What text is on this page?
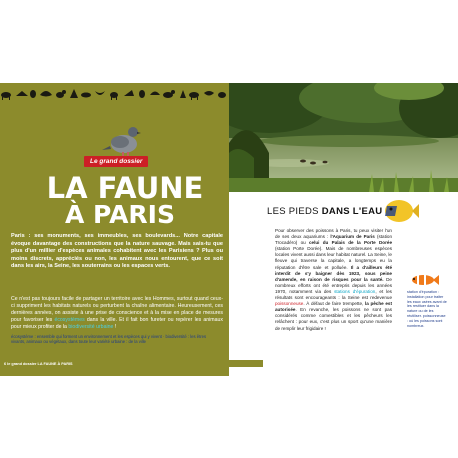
Le grand dossier
LA FAUNE
À PARIS
Paris : ses monuments, ses immeubles, ses boulevards... Notre capitale évoque davantage des constructions que la nature sauvage. Mais sais-tu que plus d'un millier d'espèces animales cohabitent avec les Parisiens ? Plus ou moins discrets, appréciés ou non, les animaux nous entourent, que ce soit dans les airs, la Seine, les souterrains ou les espaces verts.
Ce n'est pas toujours facile de partager un territoire avec les Hommes, surtout quand ceux-ci suppriment les habitats naturels ou perturbent la chaîne alimentaire. Heureusement, ces dernières années, on assiste à une prise de conscience et à la mise en place de mesures pour favoriser les écosystèmes dans la ville. Et il fait bon fureter ou repérer les animaux pour mieux profiter de la biodiversité urbaine !
écosystème : ensemble qui forment un environnement et les espèces qui y vivent · biodiversité : les êtres vivants, animaux ou végétaux, dans toute leur variété urbaine : de la ville
6 le grand dossier LA FAUNE À PARIS
LES PIEDS DANS L'EAU
Pour observer des poissons à Paris, tu peux visiter l'un de ses deux aquariums : l'Aquarium de Paris (station Trocadéro) ou celui du Palais de la Porte Dorée (station Porte Dorée). Mais de nombreuses espèces locales vivent aussi dans leur habitat naturel. La Seine, le fleuve qui traverse la capitale, a longtemps eu la réputation d'être sale et polluée. Il a d'ailleurs été interdit de s'y baigner dès 1923, sous peine d'amende, en raison de risques pour la santé. De nombreux efforts ont été entrepris depuis les années 1970, notamment via des stations d'épuration, et les résultats sont encourageants : la Seine est redevenue poissonneuse. À défaut de faire trempette, la pêche est autorisée. En revanche, les poissons ne sont pas considérés comme comestibles et les pêcheurs les relâchent : pour eux, c'est plus un sport qu'une manière de remplir leur frigidaire !
station d'épuration : installation pour traiter les eaux usées avant de les restituer dans la nature ou de les réutiliser. poissonneuse : où les poissons sont nombreux.
le grand dossier LA FAUNE À PARIS 7
